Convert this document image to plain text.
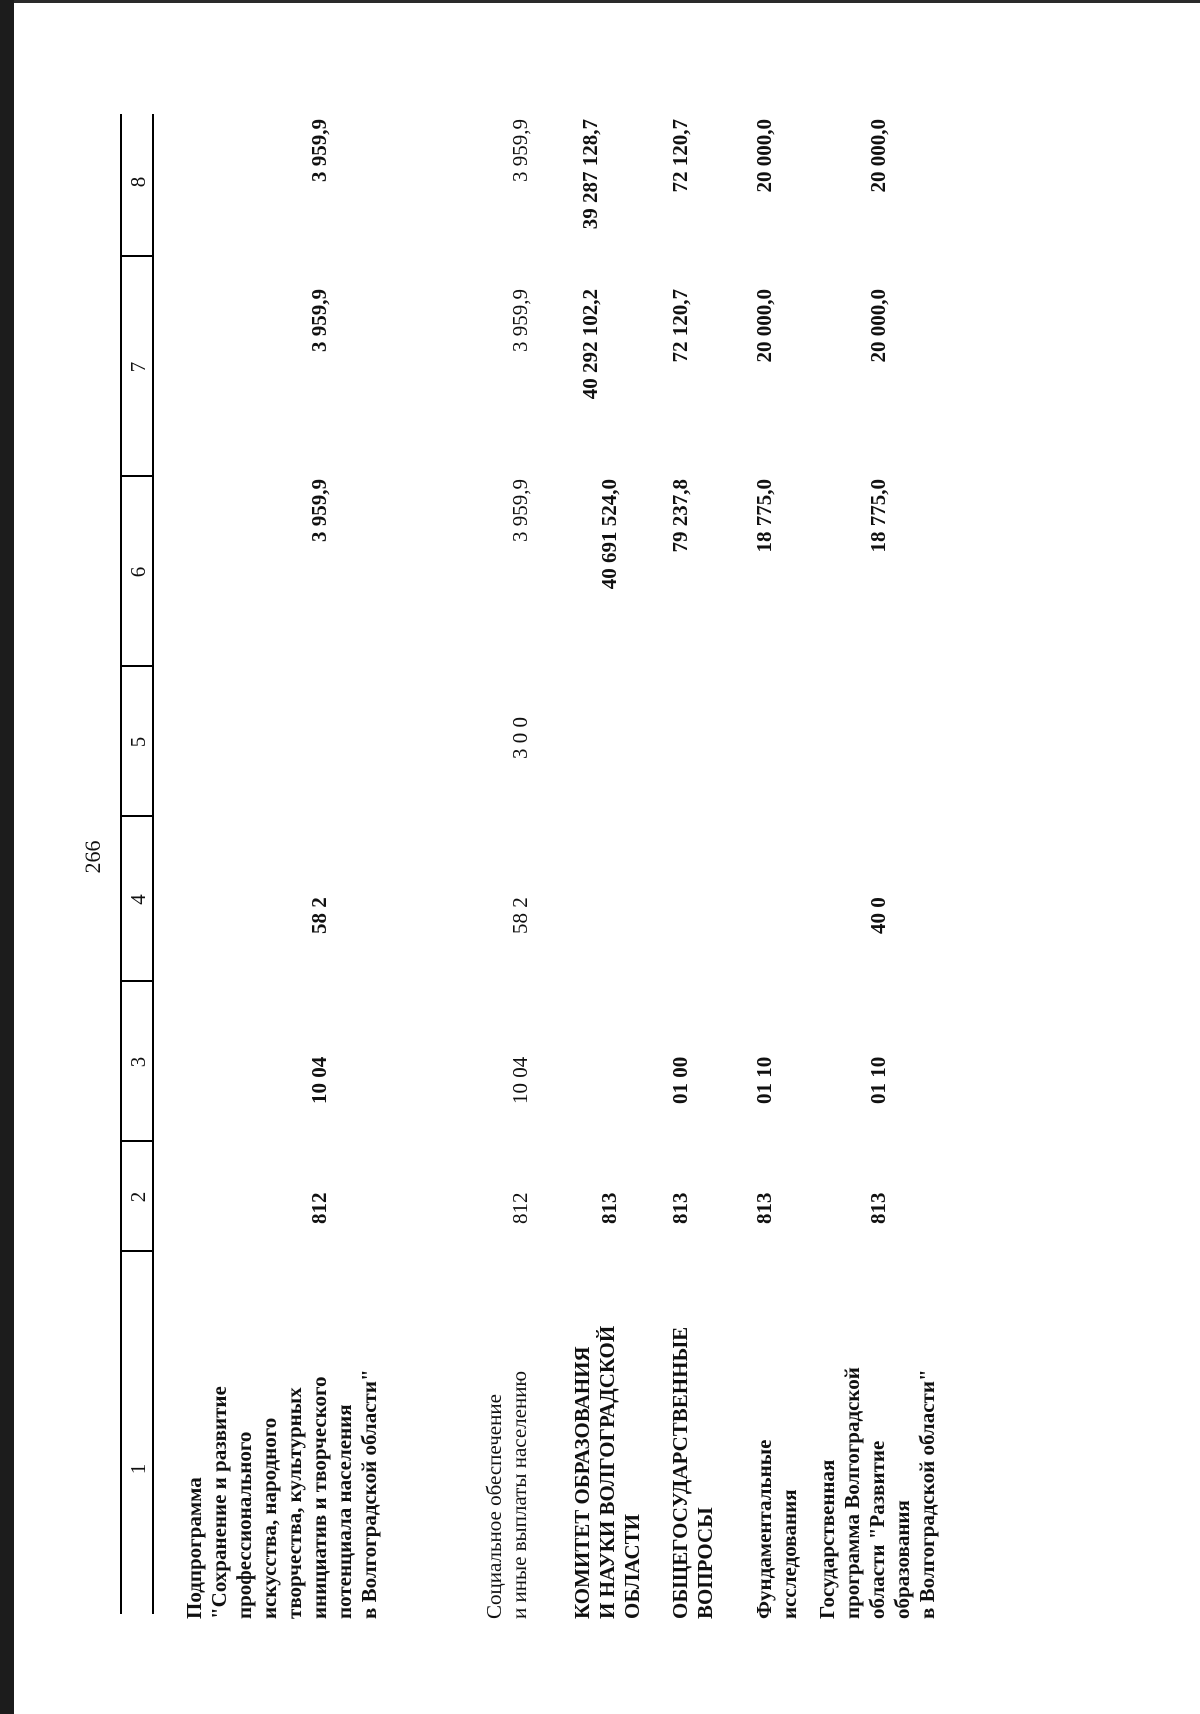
266
1
2
3
4
5
6
7
8
Подпрограмма "Сохранение и развитие профессионального искусства, народного творчества, культурных инициатив и творческого потенциала населения в Волгоградской области"
812
10 04
58 2
3 959,9
3 959,9
3 959,9
Социальное обеспечение и иные выплаты населению
812
10 04
58 2
3 0 0
3 959,9
3 959,9
3 959,9
КОМИТЕТ ОБРАЗОВАНИЯ И НАУКИ ВОЛГОГРАДСКОЙ ОБЛАСТИ
813
40 691 524,0
40 292 102,2
39 287 128,7
ОБЩЕГОСУДАРСТВЕННЫЕ ВОПРОСЫ
813
01 00
79 237,8
72 120,7
72 120,7
Фундаментальные исследования
813
01 10
18 775,0
20 000,0
20 000,0
Государственная программа Волгоградской области "Развитие образования в Волгоградской области"
813
01 10
40 0
18 775,0
20 000,0
20 000,0
